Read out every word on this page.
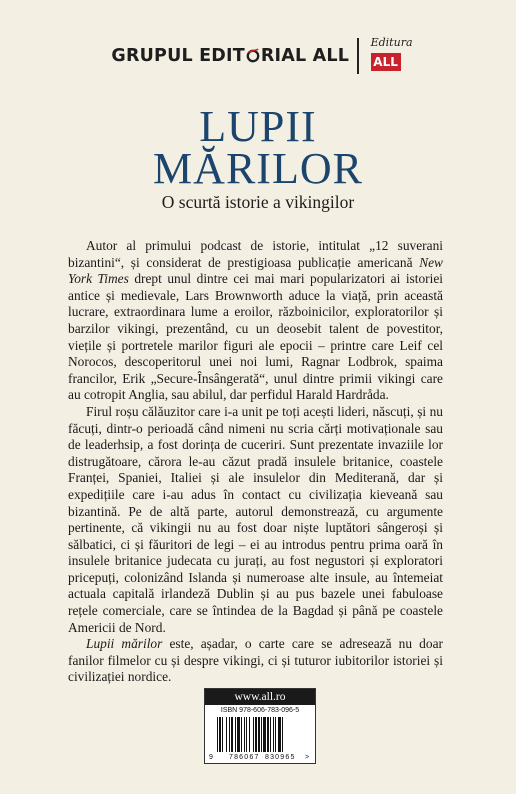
GRUPUL EDIT RIAL ALL
Editura
ALL
LUPII
MĂRILOR
O scurtă istorie a vikingilor

Autor al primului podcast de istorie, intitulat „12 suverani bizantini“, și considerat de prestigioasa publicație americană New York Times drept unul dintre cei mai mari popularizatori ai istoriei antice și medievale, Lars Brownworth aduce la viață, prin această lucrare, extraordinara lume a eroilor, războinicilor, exploratorilor și barzilor vikingi, prezentând, cu un deosebit talent de povestitor, viețile și portretele marilor figuri ale epocii – printre care Leif cel Norocos, descoperitorul unei noi lumi, Ragnar Lodbrok, spaima francilor, Erik „Secure-Însângerată“, unul dintre primii vikingi care au cotropit Anglia, sau abilul, dar perfidul Harald Hardråda.

Firul roșu călăuzitor care i-a unit pe toți acești lideri, născuți, și nu făcuți, dintr-o perioadă când nimeni nu scria cărți motivaționale sau de leaderhsip, a fost dorința de cuceriri. Sunt prezentate invaziile lor distrugătoare, cărora le-au căzut pradă insulele britanice, coastele Franței, Spaniei, Italiei și ale insulelor din Mediterană, dar și expedițiile care i-au adus în contact cu civilizația kieveană sau bizantină. Pe de altă parte, autorul demonstrează, cu argumente pertinente, că vikingii nu au fost doar niște luptători sângeroși și sălbatici, ci și făuritori de legi – ei au introdus pentru prima oară în insulele britanice judecata cu jurați, au fost negustori și exploratori pricepuți, colonizând Islanda și numeroase alte insule, au întemeiat actuala capitală irlandeză Dublin și au pus bazele unei fabuloase rețele comerciale, care se întindea de la Bagdad și până pe coastele Americii de Nord.

Lupii mărilor este, așadar, o carte care se adresează nu doar fanilor filmelor cu și despre vikingi, ci și tuturor iubitorilor istoriei și civilizației nordice.

www.all.ro
ISBN 978-606-783-096-5
9 786067 830965 >
